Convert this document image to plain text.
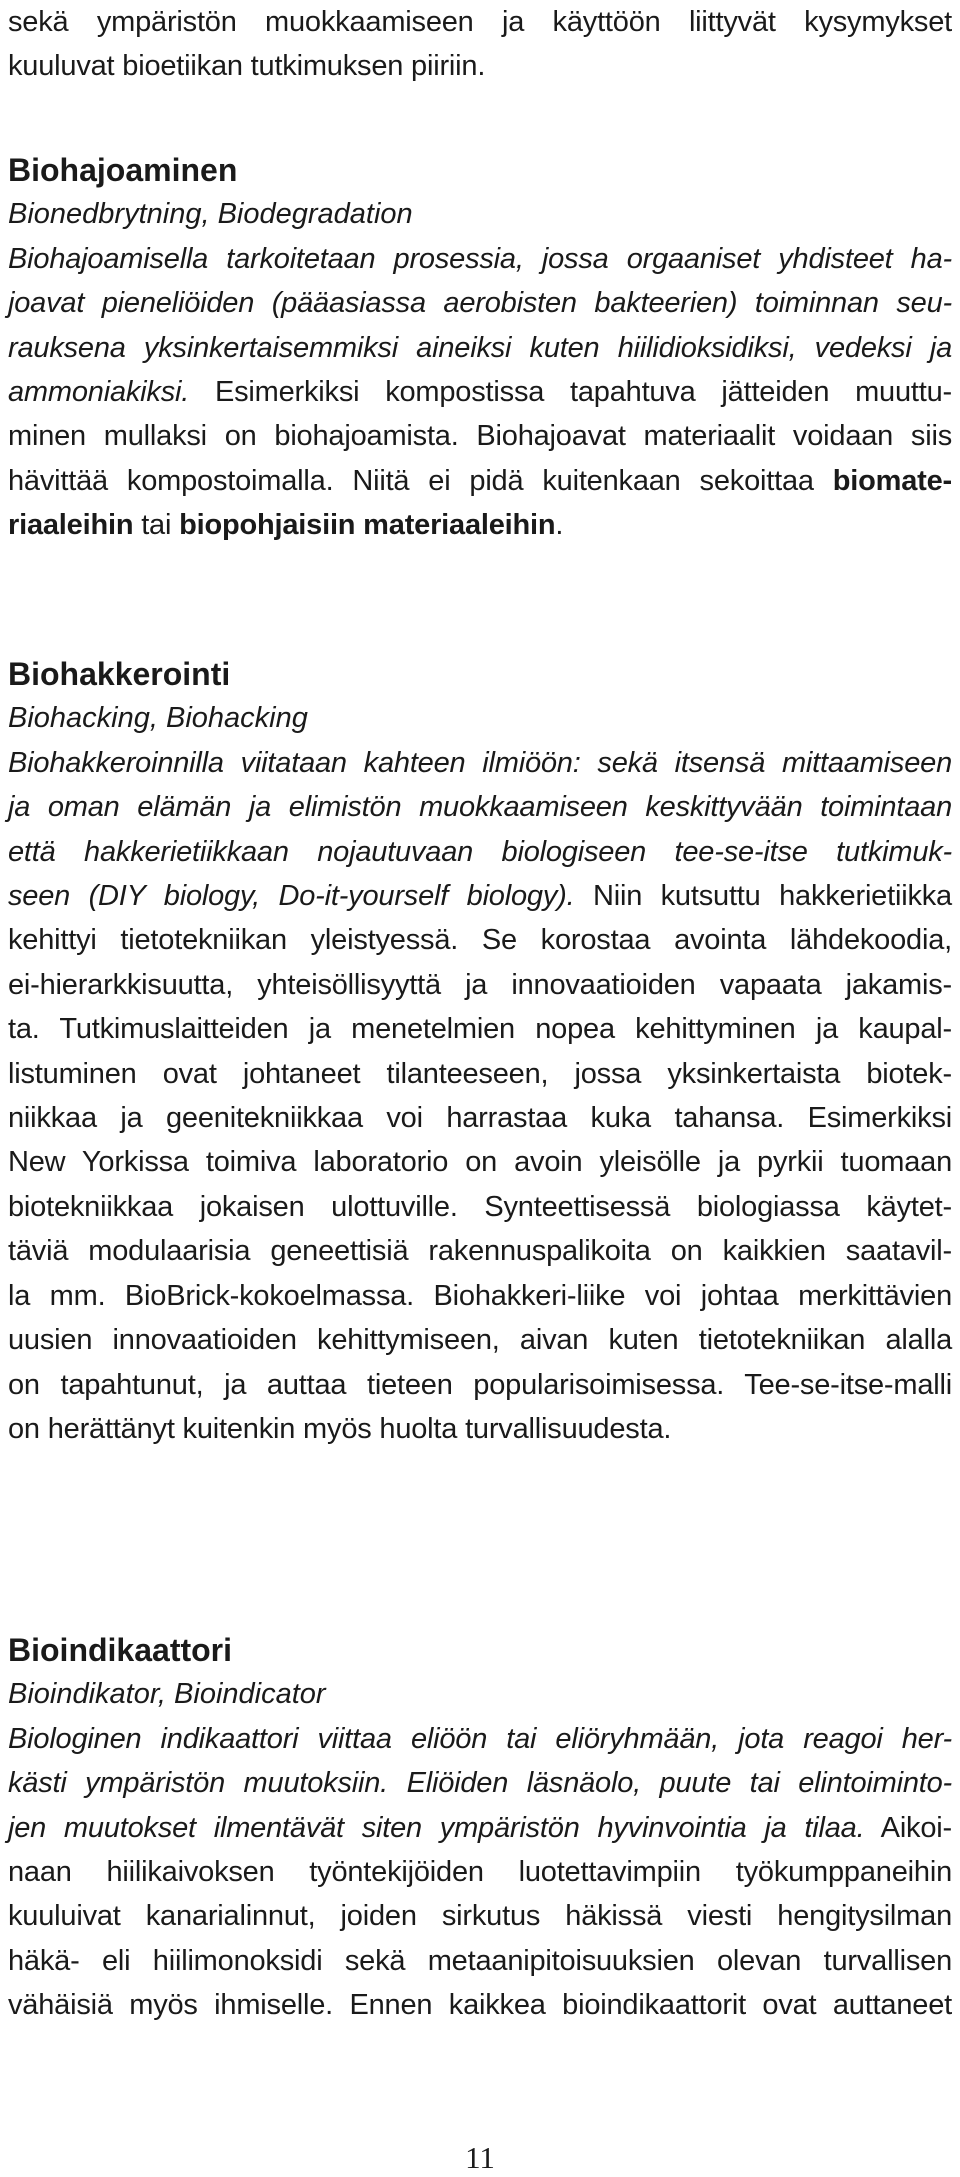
sekä ympäristön muokkaamiseen ja käyttöön liittyvät kysymykset
kuuluvat bioetiikan tutkimuksen piiriin.
Biohajoaminen
Bionedbrytning, Biodegradation
Biohajoamisella tarkoitetaan prosessia, jossa orgaaniset yhdisteet ha-
joavat pieneliöiden (pääasiassa aerobisten bakteerien) toiminnan seu-
rauksena yksinkertaisemmiksi aineiksi kuten hiilidioksidiksi, vedeksi ja
ammoniakiksi. Esimerkiksi kompostissa tapahtuva jätteiden muuttu-
minen mullaksi on biohajoamista. Biohajoavat materiaalit voidaan siis
hävittää kompostoimalla. Niitä ei pidä kuitenkaan sekoittaa biomate-
riaaleihin tai biopohjaisiin materiaaleihin.
Biohakkerointi
Biohacking, Biohacking
Biohakkeroinnilla viitataan kahteen ilmiöön: sekä itsensä mittaamiseen
ja oman elämän ja elimistön muokkaamiseen keskittyvään toimintaan
että hakkerietiikkaan nojautuvaan biologiseen tee-se-itse tutkimuk-
seen (DIY biology, Do-it-yourself biology). Niin kutsuttu hakkerietiikka
kehittyi tietotekniikan yleistyessä. Se korostaa avointa lähdekoodia,
ei-hierarkkisuutta, yhteisöllisyyttä ja innovaatioiden vapaata jakamis-
ta. Tutkimuslaitteiden ja menetelmien nopea kehittyminen ja kaupal-
listuminen ovat johtaneet tilanteeseen, jossa yksinkertaista biotek-
niikkaa ja geenitekniikkaa voi harrastaa kuka tahansa. Esimerkiksi
New Yorkissa toimiva laboratorio on avoin yleisölle ja pyrkii tuomaan
biotekniikkaa jokaisen ulottuville. Synteettisessä biologiassa käytet-
täviä modulaarisia geneettisiä rakennuspalikoita on kaikkien saatavil-
la mm. BioBrick-kokoelmassa. Biohakkeri-liike voi johtaa merkittävien
uusien innovaatioiden kehittymiseen, aivan kuten tietotekniikan alalla
on tapahtunut, ja auttaa tieteen popularisoimisessa. Tee-se-itse-malli
on herättänyt kuitenkin myös huolta turvallisuudesta.
Bioindikaattori
Bioindikator, Bioindicator
Biologinen indikaattori viittaa eliöön tai eliöryhmään, jota reagoi her-
kästi ympäristön muutoksiin. Eliöiden läsnäolo, puute tai elintoiminto-
jen muutokset ilmentävät siten ympäristön hyvinvointia ja tilaa. Aikoi-
naan hiilikaivoksen työntekijöiden luotettavimpiin työkumppaneihin
kuuluivat kanarialinnut, joiden sirkutus häkissä viesti hengitysilman
häkä- eli hiilimonoksidi sekä metaanipitoisuuksien olevan turvallisen
vähäisiä myös ihmiselle. Ennen kaikkea bioindikaattorit ovat auttaneet
11
